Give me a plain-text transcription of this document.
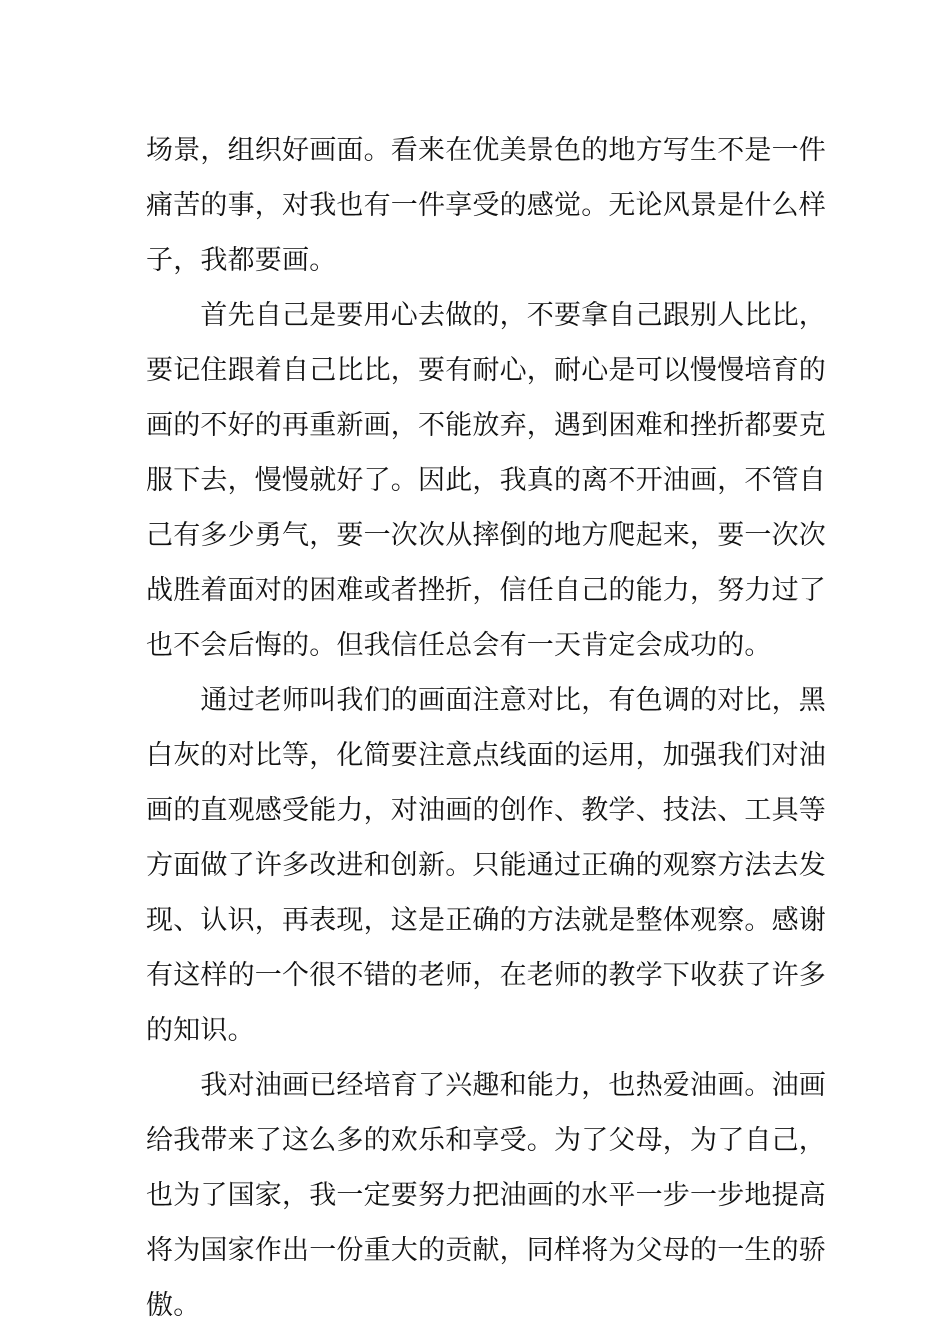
场景，组织好画面。看来在优美景色的地方写生不是一件
痛苦的事，对我也有一件享受的感觉。无论风景是什么样
子，我都要画。
　　首先自己是要用心去做的，不要拿自己跟别人比比，
要记住跟着自己比比，要有耐心，耐心是可以慢慢培育的
画的不好的再重新画，不能放弃，遇到困难和挫折都要克
服下去，慢慢就好了。因此，我真的离不开油画，不管自
己有多少勇气，要一次次从摔倒的地方爬起来，要一次次
战胜着面对的困难或者挫折，信任自己的能力，努力过了
也不会后悔的。但我信任总会有一天肯定会成功的。
　　通过老师叫我们的画面注意对比，有色调的对比，黑
白灰的对比等，化简要注意点线面的运用，加强我们对油
画的直观感受能力，对油画的创作、教学、技法、工具等
方面做了许多改进和创新。只能通过正确的观察方法去发
现、认识，再表现，这是正确的方法就是整体观察。感谢
有这样的一个很不错的老师，在老师的教学下收获了许多
的知识。
　　我对油画已经培育了兴趣和能力，也热爱油画。油画
给我带来了这么多的欢乐和享受。为了父母，为了自己，
也为了国家，我一定要努力把油画的水平一步一步地提高
将为国家作出一份重大的贡献，同样将为父母的一生的骄
傲。
